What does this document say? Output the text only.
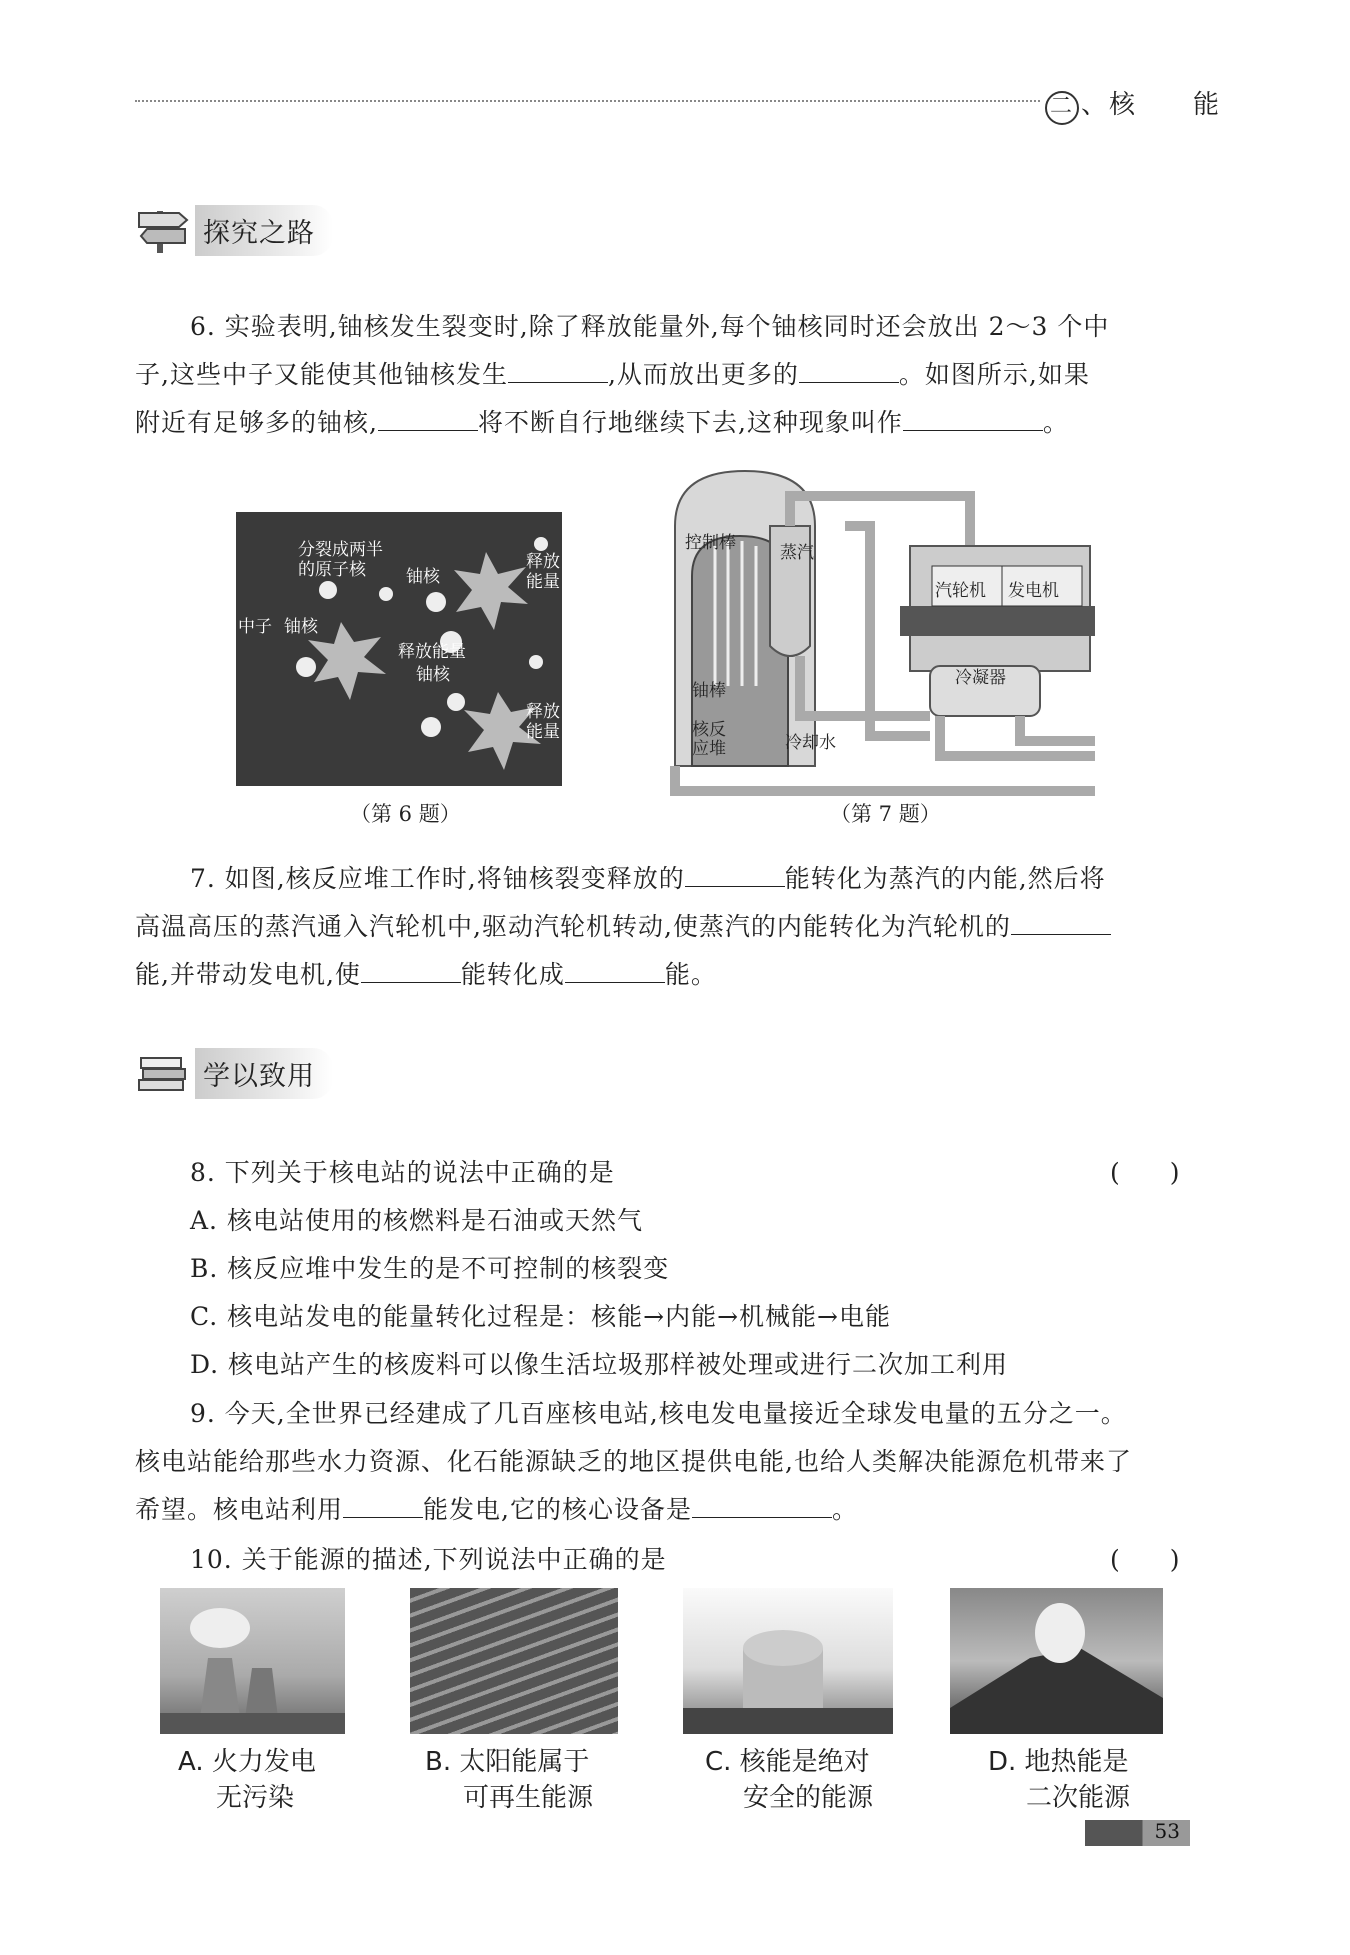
二 、核　　能
探究之路
6. 实验表明,铀核发生裂变时,除了释放能量外,每个铀核同时还会放出 2～3 个中
子,这些中子又能使其他铀核发生	,从而放出更多的	。如图所示,如果
附近有足够多的铀核,	将不断自行地继续下去,这种现象叫作	。
分裂成两半
的原子核	铀核
释放
能量
中子 铀核
释放能量
铀核
释放
能量
（第 6 题）
控制棒	蒸汽
汽轮机 发电机
冷凝器
铀棒
核反
应堆	冷却水
（第 7 题）
7. 如图,核反应堆工作时,将铀核裂变释放的	能转化为蒸汽的内能,然后将
高温高压的蒸汽通入汽轮机中,驱动汽轮机转动,使蒸汽的内能转化为汽轮机的
能,并带动发电机,使	能转化成	能。
学以致用
8. 下列关于核电站的说法中正确的是	(　　)
A. 核电站使用的核燃料是石油或天然气
B. 核反应堆中发生的是不可控制的核裂变
C. 核电站发电的能量转化过程是：核能→内能→机械能→电能
D. 核电站产生的核废料可以像生活垃圾那样被处理或进行二次加工利用
9. 今天,全世界已经建成了几百座核电站,核电发电量接近全球发电量的五分之一。
核电站能给那些水力资源、化石能源缺乏的地区提供电能,也给人类解决能源危机带来了
希望。核电站利用	能发电,它的核心设备是	。
10. 关于能源的描述,下列说法中正确的是	(　　)
A. 火力发电
无污染
B. 太阳能属于
可再生能源
C. 核能是绝对
安全的能源
D. 地热能是
二次能源
53
